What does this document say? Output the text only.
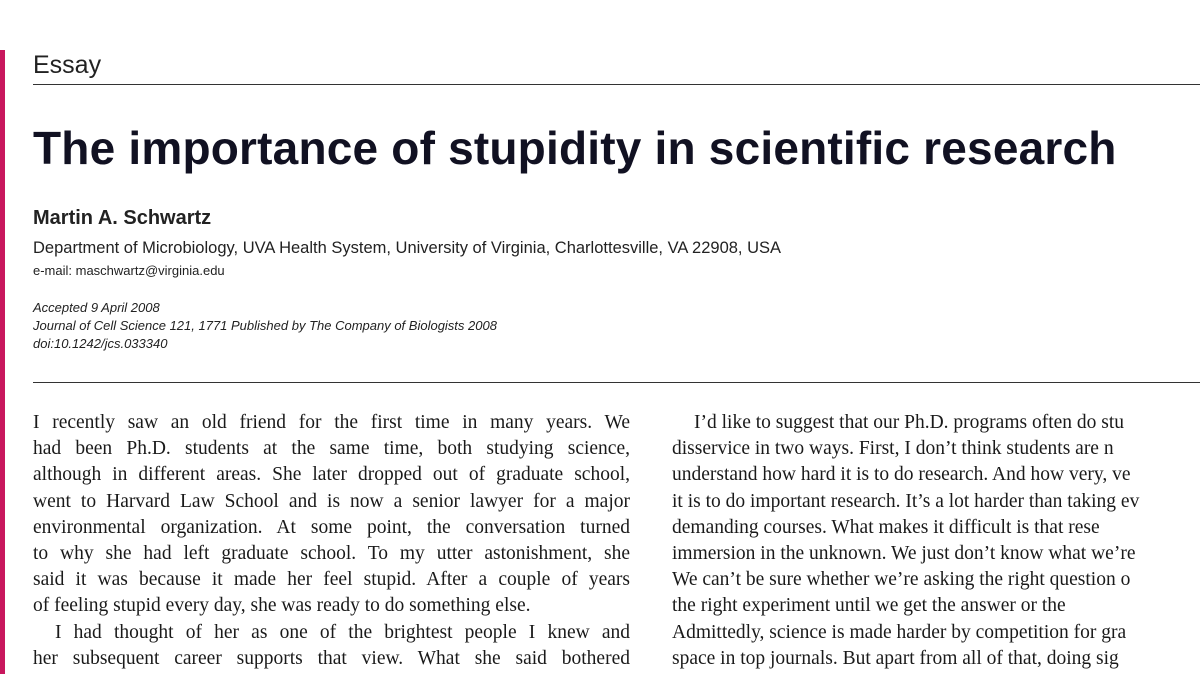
Essay
The importance of stupidity in scientific research
Martin A. Schwartz
Department of Microbiology, UVA Health System, University of Virginia, Charlottesville, VA 22908, USA
e-mail: maschwartz@virginia.edu
Accepted 9 April 2008
Journal of Cell Science 121, 1771 Published by The Company of Biologists 2008
doi:10.1242/jcs.033340
I recently saw an old friend for the first time in many years. We
had been Ph.D. students at the same time, both studying science,
although in different areas. She later dropped out of graduate school,
went to Harvard Law School and is now a senior lawyer for a major
environmental organization. At some point, the conversation turned
to why she had left graduate school. To my utter astonishment, she
said it was because it made her feel stupid. After a couple of years
of feeling stupid every day, she was ready to do something else.
I had thought of her as one of the brightest people I knew and
her subsequent career supports that view. What she said bothered
I’d like to suggest that our Ph.D. programs often do stu
disservice in two ways. First, I don’t think students are n
understand how hard it is to do research. And how very, ve
it is to do important research. It’s a lot harder than taking ev
demanding courses. What makes it difficult is that rese
immersion in the unknown. We just don’t know what we’re
We can’t be sure whether we’re asking the right question o
the right experiment until we get the answer or the
Admittedly, science is made harder by competition for gra
space in top journals. But apart from all of that, doing sig
